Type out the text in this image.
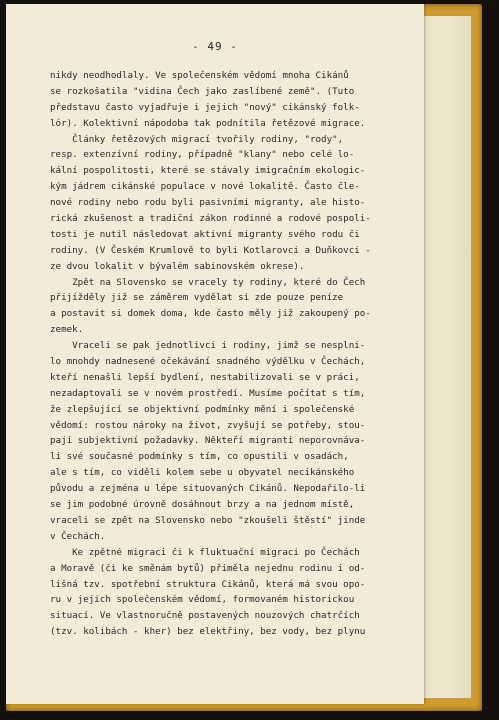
- 49 -
nikdy neodhodlaly. Ve společenském vědomí mnoha Cikánů
se rozkošatila "vidina Čech jako zaslíbené země". (Tuto
představu často vyjadřuje i jejich "nový" cikánský folk-
lór). Kolektivní nápodoba tak podnítila řetězové migrace.
Články řetězových migrací tvořily rodiny, "rody",
resp. extenzívní rodiny, případně "klany" nebo celé lo-
kální pospolitosti, které se stávaly imigračním ekologic-
kým jádrem cikánské populace v nové lokalitě. Často čle-
nové rodiny nebo rodu byli pasivními migranty, ale histo-
rická zkušenost a tradiční zákon rodinné a rodové pospoli-
tosti je nutil následovat aktivní migranty svého rodu či
rodiny. (V Českém Krumlově to byli Kotlarovci a Duňkovci -
ze dvou lokalit v bývalém sabinovském okrese).
Zpět na Slovensko se vracely ty rodiny, které do Čech
přijížděly již se záměrem vydělat si zde pouze peníze
a postavit si domek doma, kde často měly již zakoupený po-
zemek.
Vraceli se pak jednotlivci i rodiny, jimž se nesplni-
lo mnohdy nadnesené očekávání snadného výdělku v Čechách,
kteří nenašli lepší bydlení, nestabilizovali se v práci,
nezadaptovali se v novém prostředí. Musíme počítat s tím,
že zlepšující se objektivní podmínky mění i společenské
vědomí: rostou nároky na život, zvyšují se potřeby, stou-
pají subjektivní požadavky. Někteří migranti neporovnáva-
li své současné podmínky s tím, co opustili v osadách,
ale s tím, co viděli kolem sebe u obyvatel necikánského
původu a zejména u lépe situovaných Cikánů. Nepodařilo-li
se jim podobné úrovně dosáhnout brzy a na jednom místě,
vraceli se zpět na Slovensko nebo "zkoušeli štěstí" jinde
v Čechách.
Ke zpětné migraci či k fluktuační migraci po Čechách
a Moravě (či ke směnám bytů) přiměla nejednu rodinu i od-
lišná tzv. spotřební struktura Cikánů, která má svou opo-
ru v jejich společenském vědomí, formovaném historickou
situací. Ve vlastnoručně postavených nouzových chatrčích
(tzv. kolibách - kher) bez elektřiny, bez vody, bez plynu
